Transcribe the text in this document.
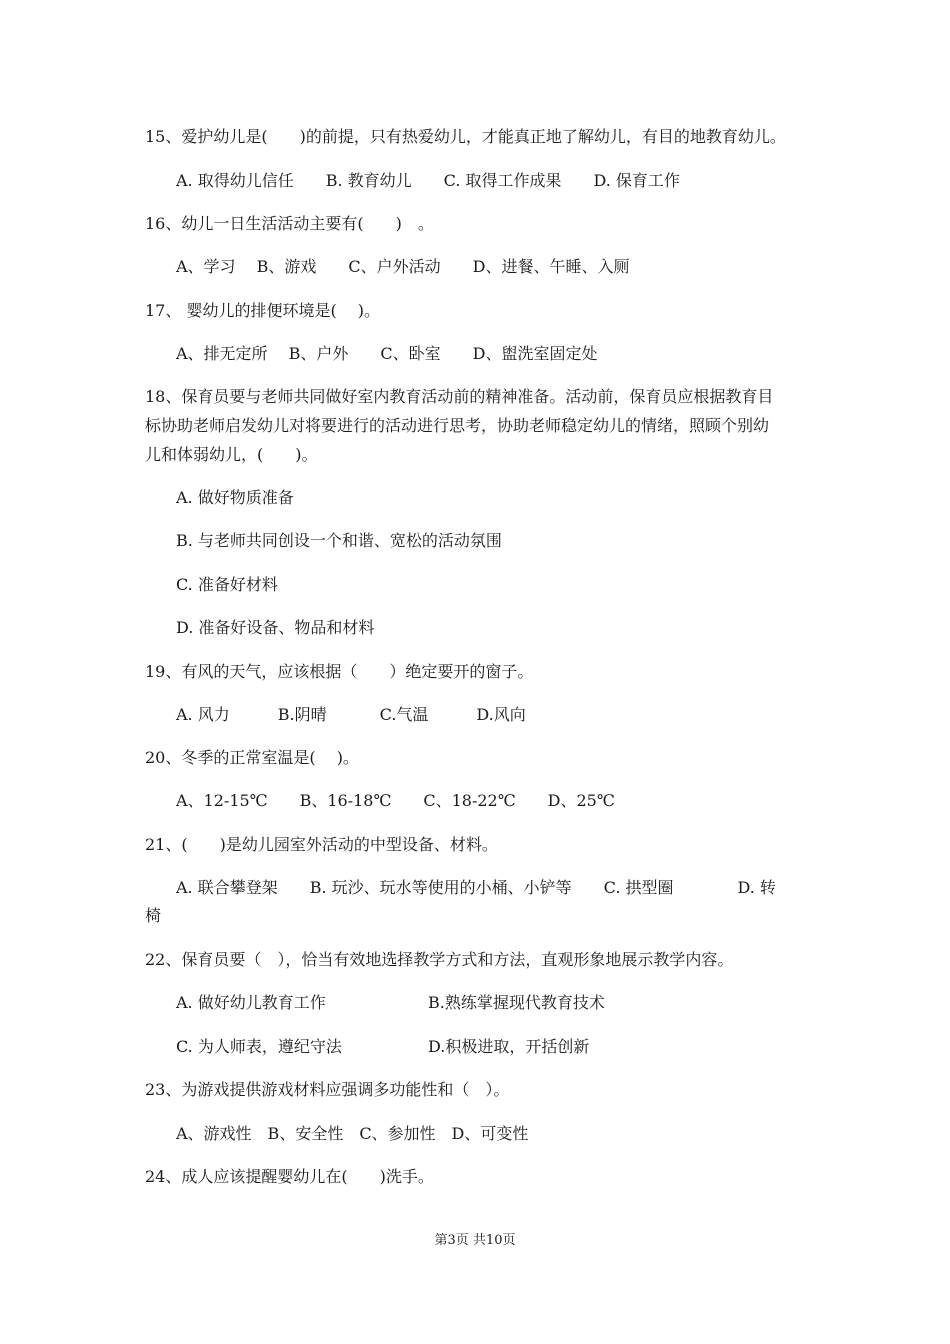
15、爱护幼儿是(　　)的前提，只有热爱幼儿，才能真正地了解幼儿，有目的地教育幼儿。
A. 取得幼儿信任　　B. 教育幼儿　　C. 取得工作成果　　D. 保育工作
16、幼儿一日生活活动主要有(　　)　。
A、学习　 B、游戏　　C、户外活动　　D、进餐、午睡、入厕
17、 婴幼儿的排便环境是(　 )。
A、排无定所　 B、户外　　C、卧室　　D、盥洗室固定处
18、保育员要与老师共同做好室内教育活动前的精神准备。活动前，保育员应根据教育目
标协助老师启发幼儿对将要进行的活动进行思考，协助老师稳定幼儿的情绪，照顾个别幼
儿和体弱幼儿，(　　)。
A. 做好物质准备
B. 与老师共同创设一个和谐、宽松的活动氛围
C. 准备好材料
D. 准备好设备、物品和材料
19、有风的天气，应该根据（　　）绝定要开的窗子。
A. 风力　　　B.阴晴　　　 C.气温　　　D.风向
20、冬季的正常室温是(　 )。
A、12-15℃　　B、16-18℃　　C、18-22℃　　D、25℃
21、(　　)是幼儿园室外活动的中型设备、材料。
A. 联合攀登架　　B. 玩沙、玩水等使用的小桶、小铲等　　C. 拱型圈　　　　D. 转
椅
22、保育员要（　），恰当有效地选择教学方式和方法，直观形象地展示教学内容。
A. 做好幼儿教育工作	B.熟练掌握现代教育技术
C. 为人师表，遵纪守法	D.积极进取，开括创新
23、为游戏提供游戏材料应强调多功能性和（　）。
A、游戏性　B、安全性　C、参加性　D、可变性
24、成人应该提醒婴幼儿在(　　)洗手。
第3页 共10页
